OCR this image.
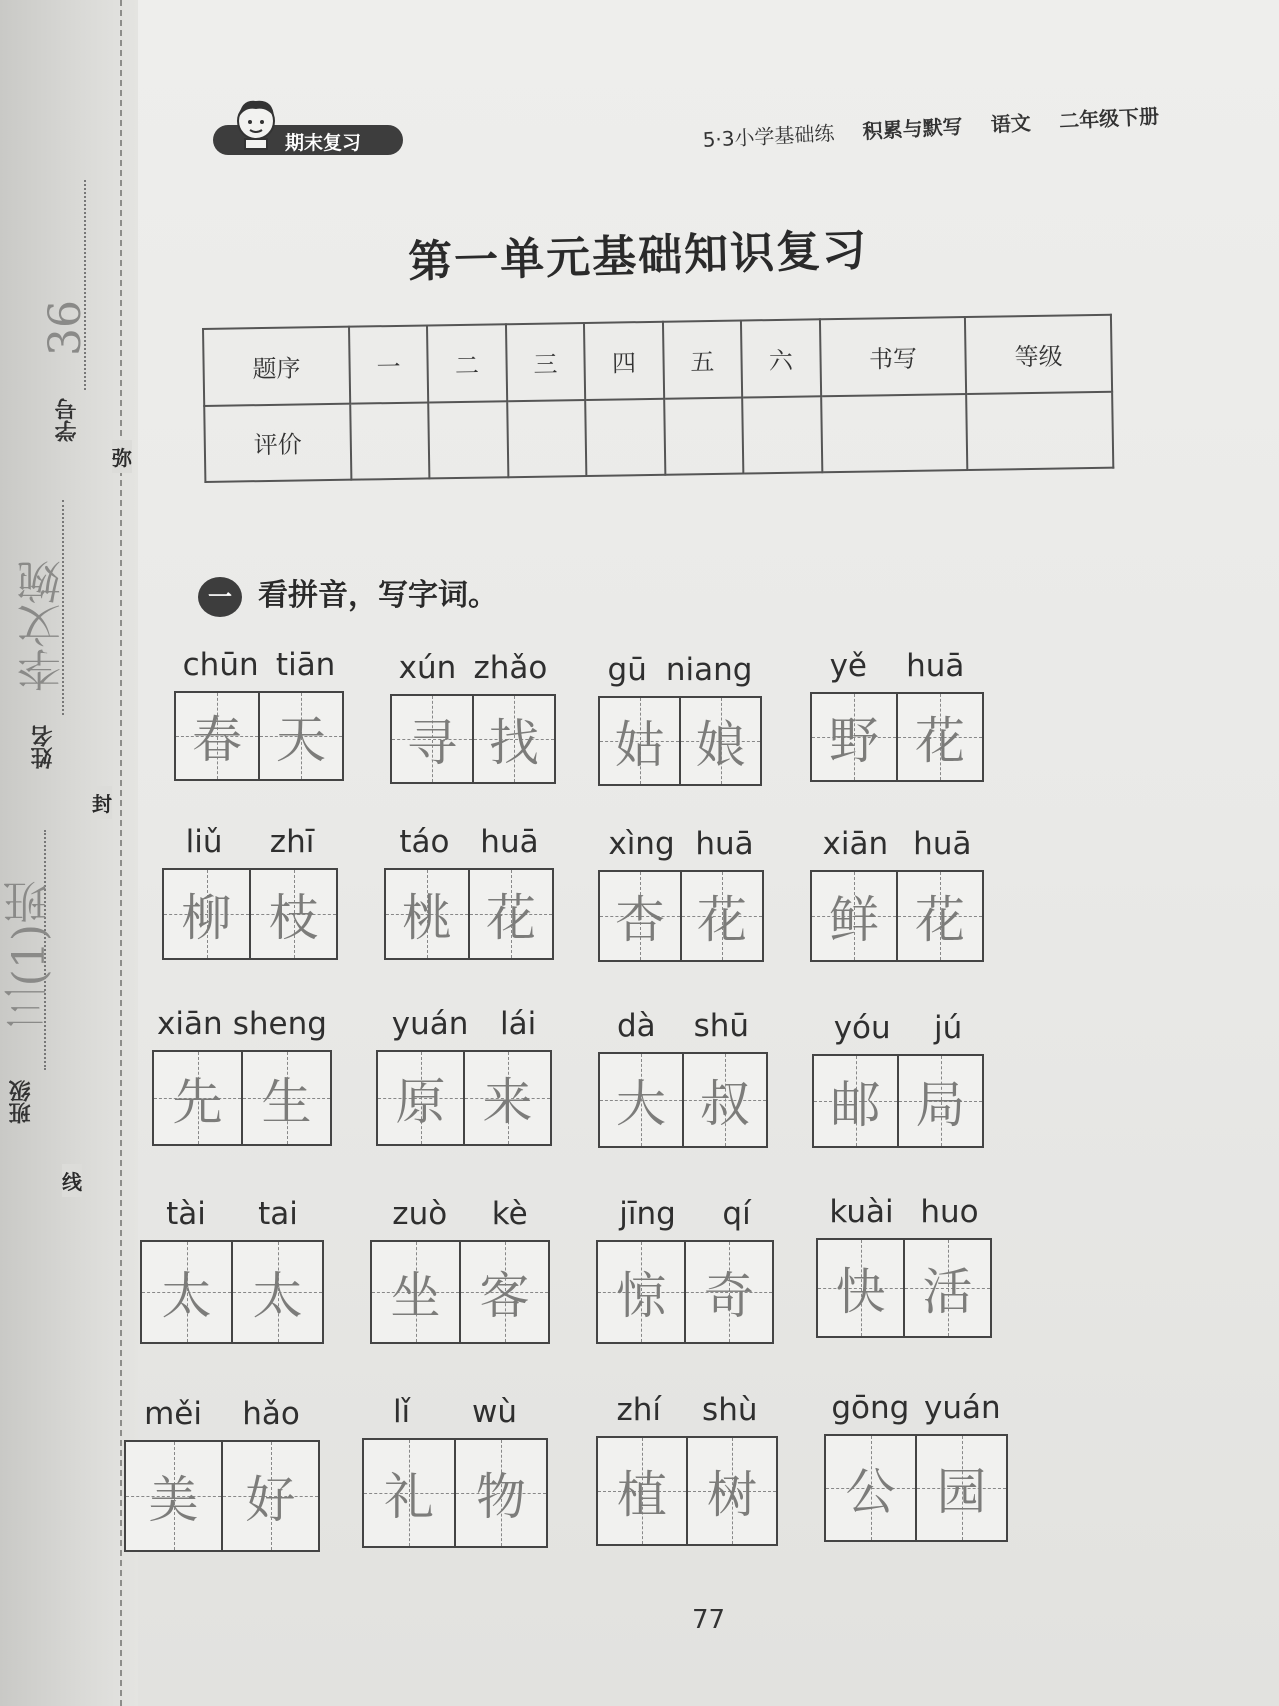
学号
36
姓名
李文婉
班级
三(1)班
弥
封
线
期末复习	5·3小学基础练 积累与默写 语文 二年级下册
第一单元基础知识复习
题序	一	二	三	四	五	六	书写	等级
评价								
一 看拼音，写字词。
chūn tiān
春 天
xún zhǎo
寻 找
gū niang
姑 娘
yě huā
野 花
liǔ zhī
柳 枝
táo huā
桃 花
xìng huā
杏 花
xiān huā
鲜 花
xiān sheng
先 生
yuán lái
原 来
dà shū
大 叔
yóu jú
邮 局
tài tai
太 太
zuò kè
坐 客
jīng qí
惊 奇
kuài huo
快 活
měi hǎo
美 好
lǐ wù
礼 物
zhí shù
植 树
gōng yuán
公 园
77
